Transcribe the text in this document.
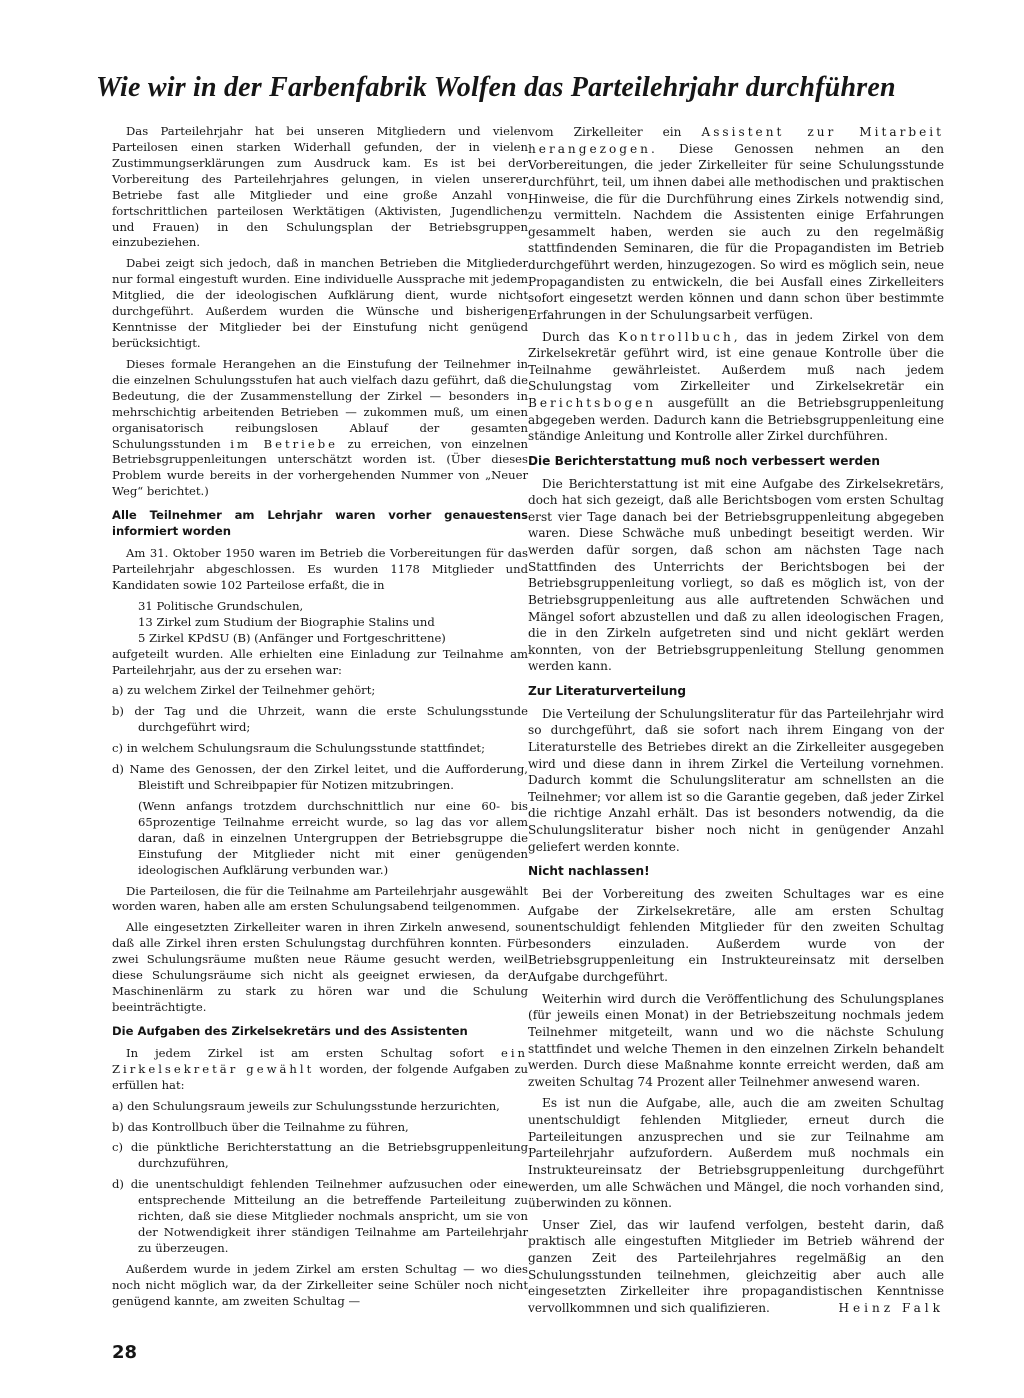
Wie wir in der Farbenfabrik Wolfen das Parteilehrjahr durchführen

Das Parteilehrjahr hat bei unseren Mitgliedern und vielen Parteilosen einen starken Widerhall gefunden, der in vielen Zustimmungserklärungen zum Ausdruck kam. Es ist bei der Vorbereitung des Parteilehrjahres gelungen, in vielen unserer Betriebe fast alle Mitglieder und eine große Anzahl von fortschrittlichen parteilosen Werktätigen (Aktivisten, Jugendlichen und Frauen) in den Schulungsplan der Betriebsgruppen einzubeziehen.

Dabei zeigt sich jedoch, daß in manchen Betrieben die Mitglieder nur formal eingestuft wurden. Eine individuelle Aussprache mit jedem Mitglied, die der ideologischen Aufklärung dient, wurde nicht durchgeführt. Außerdem wurden die Wünsche und bisherigen Kenntnisse der Mitglieder bei der Einstufung nicht genügend berücksichtigt.

Dieses formale Herangehen an die Einstufung der Teilnehmer in die einzelnen Schulungsstufen hat auch vielfach dazu geführt, daß die Bedeutung, die der Zusammenstellung der Zirkel — besonders in mehrschichtig arbeitenden Betrieben — zukommen muß, um einen organisatorisch reibungslosen Ablauf der gesamten Schulungsstunden im Betriebe zu erreichen, von einzelnen Betriebsgruppenleitungen unterschätzt worden ist. (Über dieses Problem wurde bereits in der vorhergehenden Nummer von „Neuer Weg“ berichtet.)

Alle Teilnehmer am Lehrjahr waren vorher genauestens informiert worden

Am 31. Oktober 1950 waren im Betrieb die Vorbereitungen für das Parteilehrjahr abgeschlossen. Es wurden 1178 Mitglieder und Kandidaten sowie 102 Parteilose erfaßt, die in

31 Politische Grundschulen,

13 Zirkel zum Studium der Biographie Stalins und

5 Zirkel KPdSU (B) (Anfänger und Fortgeschrittene)

aufgeteilt wurden. Alle erhielten eine Einladung zur Teilnahme am Parteilehrjahr, aus der zu ersehen war:

a) zu welchem Zirkel der Teilnehmer gehört;

b) der Tag und die Uhrzeit, wann die erste Schulungsstunde durchgeführt wird;

c) in welchem Schulungsraum die Schulungsstunde stattfindet;

d) Name des Genossen, der den Zirkel leitet, und die Aufforderung, Bleistift und Schreibpapier für Notizen mitzubringen.

(Wenn anfangs trotzdem durchschnittlich nur eine 60- bis 65prozentige Teilnahme erreicht wurde, so lag das vor allem daran, daß in einzelnen Untergruppen der Betriebsgruppe die Einstufung der Mitglieder nicht mit einer genügenden ideologischen Aufklärung verbunden war.)

Die Parteilosen, die für die Teilnahme am Parteilehrjahr ausgewählt worden waren, haben alle am ersten Schulungsabend teilgenommen.

Alle eingesetzten Zirkelleiter waren in ihren Zirkeln anwesend, so daß alle Zirkel ihren ersten Schulungstag durchführen konnten. Für zwei Schulungsräume mußten neue Räume gesucht werden, weil diese Schulungsräume sich nicht als geeignet erwiesen, da der Maschinenlärm zu stark zu hören war und die Schulung beeinträchtigte.

Die Aufgaben des Zirkelsekretärs und des Assistenten

In jedem Zirkel ist am ersten Schultag sofort ein Zirkelsekretär gewählt worden, der folgende Aufgaben zu erfüllen hat:

a) den Schulungsraum jeweils zur Schulungsstunde herzurichten,

b) das Kontrollbuch über die Teilnahme zu führen,

c) die pünktliche Berichterstattung an die Betriebsgruppenleitung durchzuführen,

d) die unentschuldigt fehlenden Teilnehmer aufzusuchen oder eine entsprechende Mitteilung an die betreffende Parteileitung zu richten, daß sie diese Mitglieder nochmals anspricht, um sie von der Notwendigkeit ihrer ständigen Teilnahme am Parteilehrjahr zu überzeugen.

Außerdem wurde in jedem Zirkel am ersten Schultag — wo dies noch nicht möglich war, da der Zirkelleiter seine Schüler noch nicht genügend kannte, am zweiten Schultag —

vom Zirkelleiter ein Assistent zur Mitarbeit herangezogen. Diese Genossen nehmen an den Vorbereitungen, die jeder Zirkelleiter für seine Schulungsstunde durchführt, teil, um ihnen dabei alle methodischen und praktischen Hinweise, die für die Durchführung eines Zirkels notwendig sind, zu vermitteln. Nachdem die Assistenten einige Erfahrungen gesammelt haben, werden sie auch zu den regelmäßig stattfindenden Seminaren, die für die Propagandisten im Betrieb durchgeführt werden, hinzugezogen. So wird es möglich sein, neue Propagandisten zu entwickeln, die bei Ausfall eines Zirkelleiters sofort eingesetzt werden können und dann schon über bestimmte Erfahrungen in der Schulungsarbeit verfügen.

Durch das Kontrollbuch, das in jedem Zirkel von dem Zirkelsekretär geführt wird, ist eine genaue Kontrolle über die Teilnahme gewährleistet. Außerdem muß nach jedem Schulungstag vom Zirkelleiter und Zirkelsekretär ein Berichtsbogen ausgefüllt an die Betriebsgruppenleitung abgegeben werden. Dadurch kann die Betriebsgruppenleitung eine ständige Anleitung und Kontrolle aller Zirkel durchführen.

Die Berichterstattung muß noch verbessert werden

Die Berichterstattung ist mit eine Aufgabe des Zirkelsekretärs, doch hat sich gezeigt, daß alle Berichtsbogen vom ersten Schultag erst vier Tage danach bei der Betriebsgruppenleitung abgegeben waren. Diese Schwäche muß unbedingt beseitigt werden. Wir werden dafür sorgen, daß schon am nächsten Tage nach Stattfinden des Unterrichts der Berichtsbogen bei der Betriebsgruppenleitung vorliegt, so daß es möglich ist, von der Betriebsgruppenleitung aus alle auftretenden Schwächen und Mängel sofort abzustellen und daß zu allen ideologischen Fragen, die in den Zirkeln aufgetreten sind und nicht geklärt werden konnten, von der Betriebsgruppenleitung Stellung genommen werden kann.

Zur Literaturverteilung

Die Verteilung der Schulungsliteratur für das Parteilehrjahr wird so durchgeführt, daß sie sofort nach ihrem Eingang von der Literaturstelle des Betriebes direkt an die Zirkelleiter ausgegeben wird und diese dann in ihrem Zirkel die Verteilung vornehmen. Dadurch kommt die Schulungsliteratur am schnellsten an die Teilnehmer; vor allem ist so die Garantie gegeben, daß jeder Zirkel die richtige Anzahl erhält. Das ist besonders notwendig, da die Schulungsliteratur bisher noch nicht in genügender Anzahl geliefert werden konnte.

Nicht nachlassen!

Bei der Vorbereitung des zweiten Schultages war es eine Aufgabe der Zirkelsekretäre, alle am ersten Schultag unentschuldigt fehlenden Mitglieder für den zweiten Schultag besonders einzuladen. Außerdem wurde von der Betriebsgruppenleitung ein Instrukteureinsatz mit derselben Aufgabe durchgeführt.

Weiterhin wird durch die Veröffentlichung des Schulungsplanes (für jeweils einen Monat) in der Betriebszeitung nochmals jedem Teilnehmer mitgeteilt, wann und wo die nächste Schulung stattfindet und welche Themen in den einzelnen Zirkeln behandelt werden. Durch diese Maßnahme konnte erreicht werden, daß am zweiten Schultag 74 Prozent aller Teilnehmer anwesend waren.

Es ist nun die Aufgabe, alle, auch die am zweiten Schultag unentschuldigt fehlenden Mitglieder, erneut durch die Parteileitungen anzusprechen und sie zur Teilnahme am Parteilehrjahr aufzufordern. Außerdem muß nochmals ein Instrukteureinsatz der Betriebsgruppenleitung durchgeführt werden, um alle Schwächen und Mängel, die noch vorhanden sind, überwinden zu können.

Unser Ziel, das wir laufend verfolgen, besteht darin, daß praktisch alle eingestuften Mitglieder im Betrieb während der ganzen Zeit des Parteilehrjahres regelmäßig an den Schulungsstunden teilnehmen, gleichzeitig aber auch alle eingesetzten Zirkelleiter ihre propagandistischen Kenntnisse vervollkommnen und sich qualifizieren.	Heinz Falk

28
